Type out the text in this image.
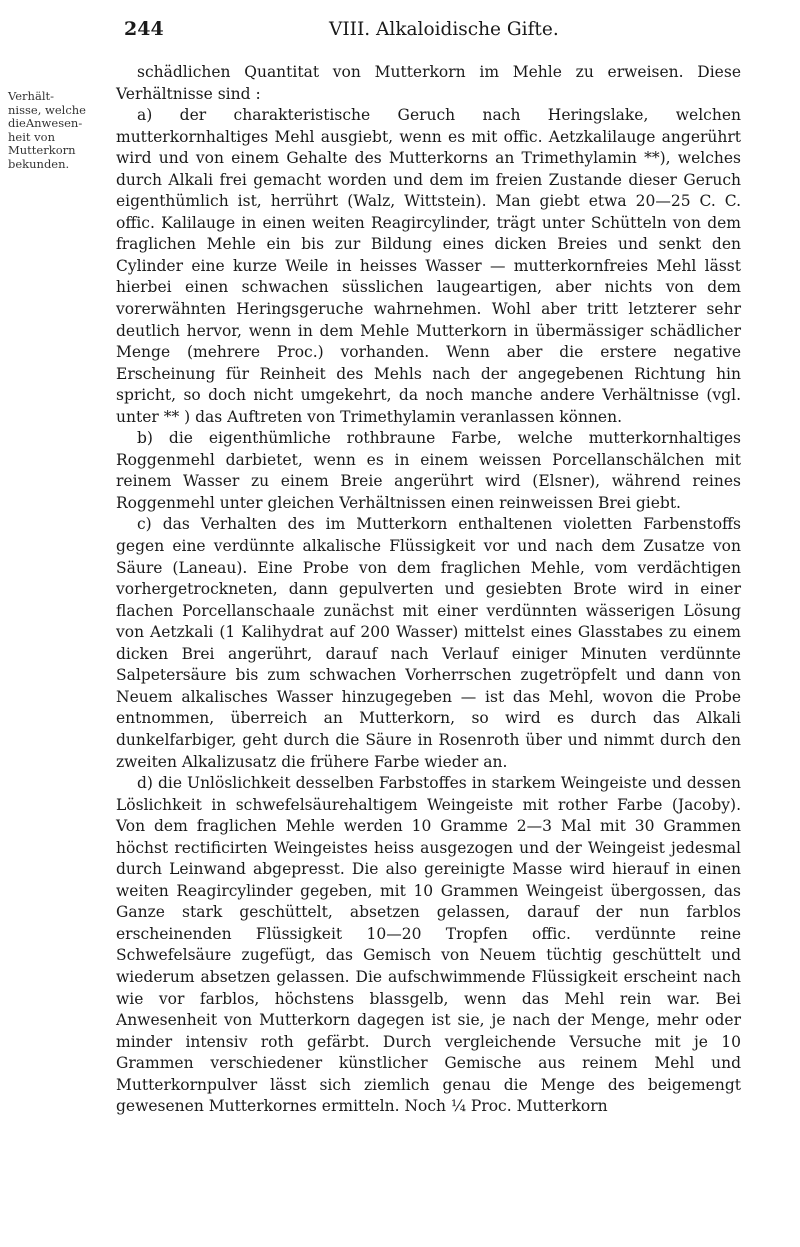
244	VIII. Alkaloidische Gifte.
Verhält-
nisse, welche
dieAnwesen-
heit von
Mutterkorn
bekunden.

schädlichen Quantitat von Mutterkorn im Mehle zu erweisen. Diese Verhältnisse sind :

a) der charakteristische Geruch nach Heringslake, welchen mutterkornhaltiges Mehl ausgiebt, wenn es mit offic. Aetzkalilauge angerührt wird und von einem Gehalte des Mutterkorns an Trimethylamin **), welches durch Alkali frei gemacht worden und dem im freien Zustande dieser Geruch eigenthümlich ist, herrührt (Walz, Wittstein). Man giebt etwa 20—25 C. C. offic. Kalilauge in einen weiten Reagircylinder, trägt unter Schütteln von dem fraglichen Mehle ein bis zur Bildung eines dicken Breies und senkt den Cylinder eine kurze Weile in heisses Wasser — mutterkornfreies Mehl lässt hierbei einen schwachen süsslichen laugeartigen, aber nichts von dem vorerwähnten Heringsgeruche wahrnehmen. Wohl aber tritt letzterer sehr deutlich hervor, wenn in dem Mehle Mutterkorn in übermässiger schädlicher Menge (mehrere Proc.) vorhanden. Wenn aber die erstere negative Erscheinung für Reinheit des Mehls nach der angegebenen Richtung hin spricht, so doch nicht umgekehrt, da noch manche andere Verhältnisse (vgl. unter ** ) das Auftreten von Trimethylamin veranlassen können.

b) die eigenthümliche rothbraune Farbe, welche mutterkornhaltiges Roggenmehl darbietet, wenn es in einem weissen Porcellanschälchen mit reinem Wasser zu einem Breie angerührt wird (Elsner), während reines Roggenmehl unter gleichen Verhältnissen einen reinweissen Brei giebt.

c) das Verhalten des im Mutterkorn enthaltenen violetten Farbenstoffs gegen eine verdünnte alkalische Flüssigkeit vor und nach dem Zusatze von Säure (Laneau). Eine Probe von dem fraglichen Mehle, vom verdächtigen vorhergetrockneten, dann gepulverten und gesiebten Brote wird in einer flachen Porcellanschaale zunächst mit einer verdünnten wässerigen Lösung von Aetzkali (1 Kalihydrat auf 200 Wasser) mittelst eines Glasstabes zu einem dicken Brei angerührt, darauf nach Verlauf einiger Minuten verdünnte Salpetersäure bis zum schwachen Vorherrschen zugetröpfelt und dann von Neuem alkalisches Wasser hinzugegeben — ist das Mehl, wovon die Probe entnommen, überreich an Mutterkorn, so wird es durch das Alkali dunkelfarbiger, geht durch die Säure in Rosenroth über und nimmt durch den zweiten Alkalizusatz die frühere Farbe wieder an.

d) die Unlöslichkeit desselben Farbstoffes in starkem Weingeiste und dessen Löslichkeit in schwefelsäurehaltigem Weingeiste mit rother Farbe (Jacoby). Von dem fraglichen Mehle werden 10 Gramme 2—3 Mal mit 30 Grammen höchst rectificirten Weingeistes heiss ausgezogen und der Weingeist jedesmal durch Leinwand abgepresst. Die also gereinigte Masse wird hierauf in einen weiten Reagircylinder gegeben, mit 10 Grammen Weingeist übergossen, das Ganze stark geschüttelt, absetzen gelassen, darauf der nun farblos erscheinenden Flüssigkeit 10—20 Tropfen offic. verdünnte reine Schwefelsäure zugefügt, das Gemisch von Neuem tüchtig geschüttelt und wiederum absetzen gelassen. Die aufschwimmende Flüssigkeit erscheint nach wie vor farblos, höchstens blassgelb, wenn das Mehl rein war. Bei Anwesenheit von Mutterkorn dagegen ist sie, je nach der Menge, mehr oder minder intensiv roth gefärbt. Durch vergleichende Versuche mit je 10 Grammen verschiedener künstlicher Gemische aus reinem Mehl und Mutterkornpulver lässt sich ziemlich genau die Menge des beigemengt gewesenen Mutterkornes ermitteln. Noch ¼ Proc. Mutterkorn
